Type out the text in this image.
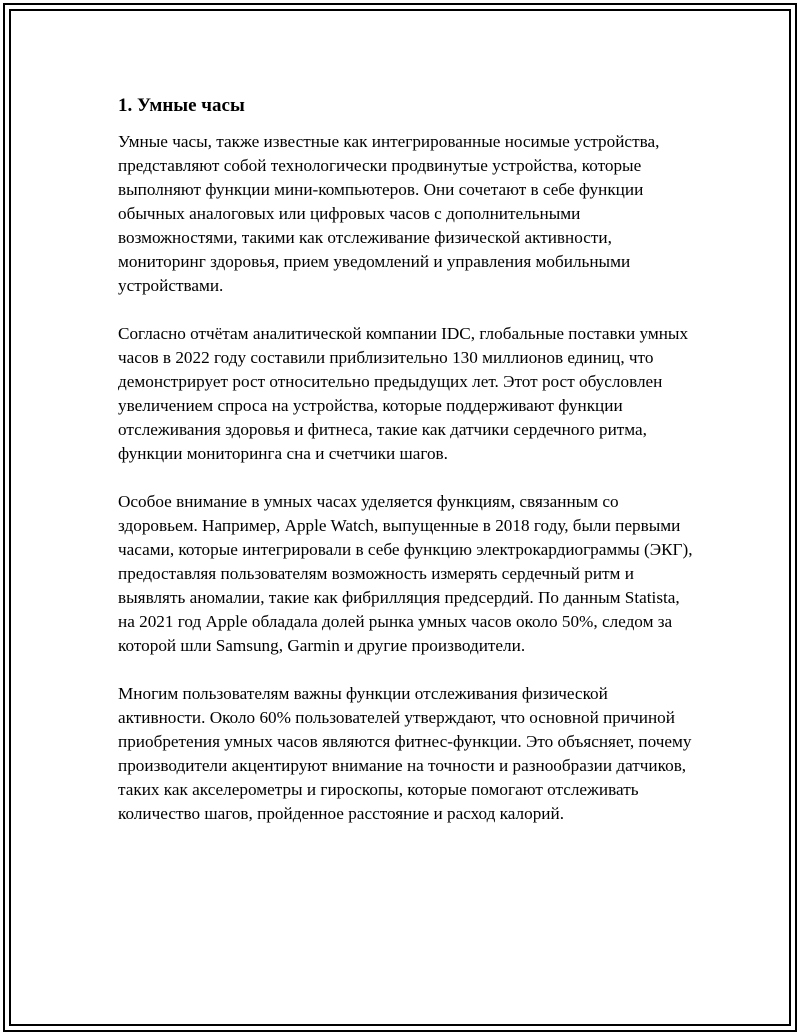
1. Умные часы

Умные часы, также известные как интегрированные носимые устройства, представляют собой технологически продвинутые устройства, которые выполняют функции мини-компьютеров. Они сочетают в себе функции обычных аналоговых или цифровых часов с дополнительными возможностями, такими как отслеживание физической активности, мониторинг здоровья, прием уведомлений и управления мобильными устройствами.

Согласно отчётам аналитической компании IDC, глобальные поставки умных часов в 2022 году составили приблизительно 130 миллионов единиц, что демонстрирует рост относительно предыдущих лет. Этот рост обусловлен увеличением спроса на устройства, которые поддерживают функции отслеживания здоровья и фитнеса, такие как датчики сердечного ритма, функции мониторинга сна и счетчики шагов.

Особое внимание в умных часах уделяется функциям, связанным со здоровьем. Например, Apple Watch, выпущенные в 2018 году, были первыми часами, которые интегрировали в себе функцию электрокардиограммы (ЭКГ), предоставляя пользователям возможность измерять сердечный ритм и выявлять аномалии, такие как фибрилляция предсердий. По данным Statista, на 2021 год Apple обладала долей рынка умных часов около 50%, следом за которой шли Samsung, Garmin и другие производители.

Многим пользователям важны функции отслеживания физической активности. Около 60% пользователей утверждают, что основной причиной приобретения умных часов являются фитнес-функции. Это объясняет, почему производители акцентируют внимание на точности и разнообразии датчиков, таких как акселерометры и гироскопы, которые помогают отслеживать количество шагов, пройденное расстояние и расход калорий.
